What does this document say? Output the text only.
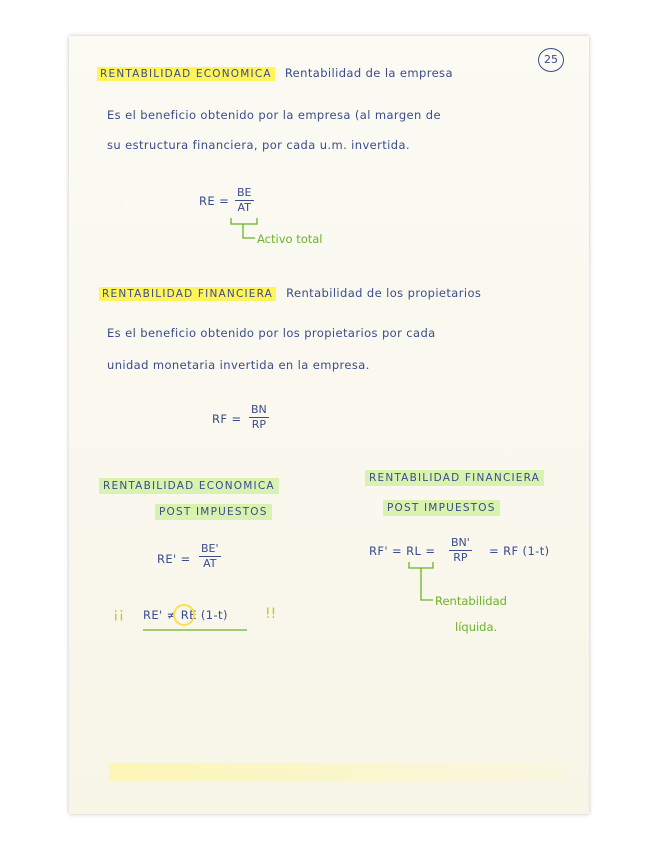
25
RENTABILIDAD ECONOMICA Rentabilidad de la empresa
Es el beneficio obtenido por la empresa (al margen de
su estructura financiera, por cada u.m. invertida.
RE = $\frac{BE}{AT}$
Activo total
RENTABILIDAD FINANCIERA Rentabilidad de los propietarios
Es el beneficio obtenido por los propietarios por cada
unidad monetaria invertida en la empresa.
RF = $\frac{BN}{RP}$
RENTABILIDAD ECONOMICA
POST IMPUESTOS
$RE' = \frac{BE'}{AT}$
¡¡ RE' ≠ RE (1-t)	!!
RENTABILIDAD FINANCIERA
POST IMPUESTOS
RF' = RL = $\frac{BN'}{RP}$ = RF (1-t)
Rentabilidad
líquida.
